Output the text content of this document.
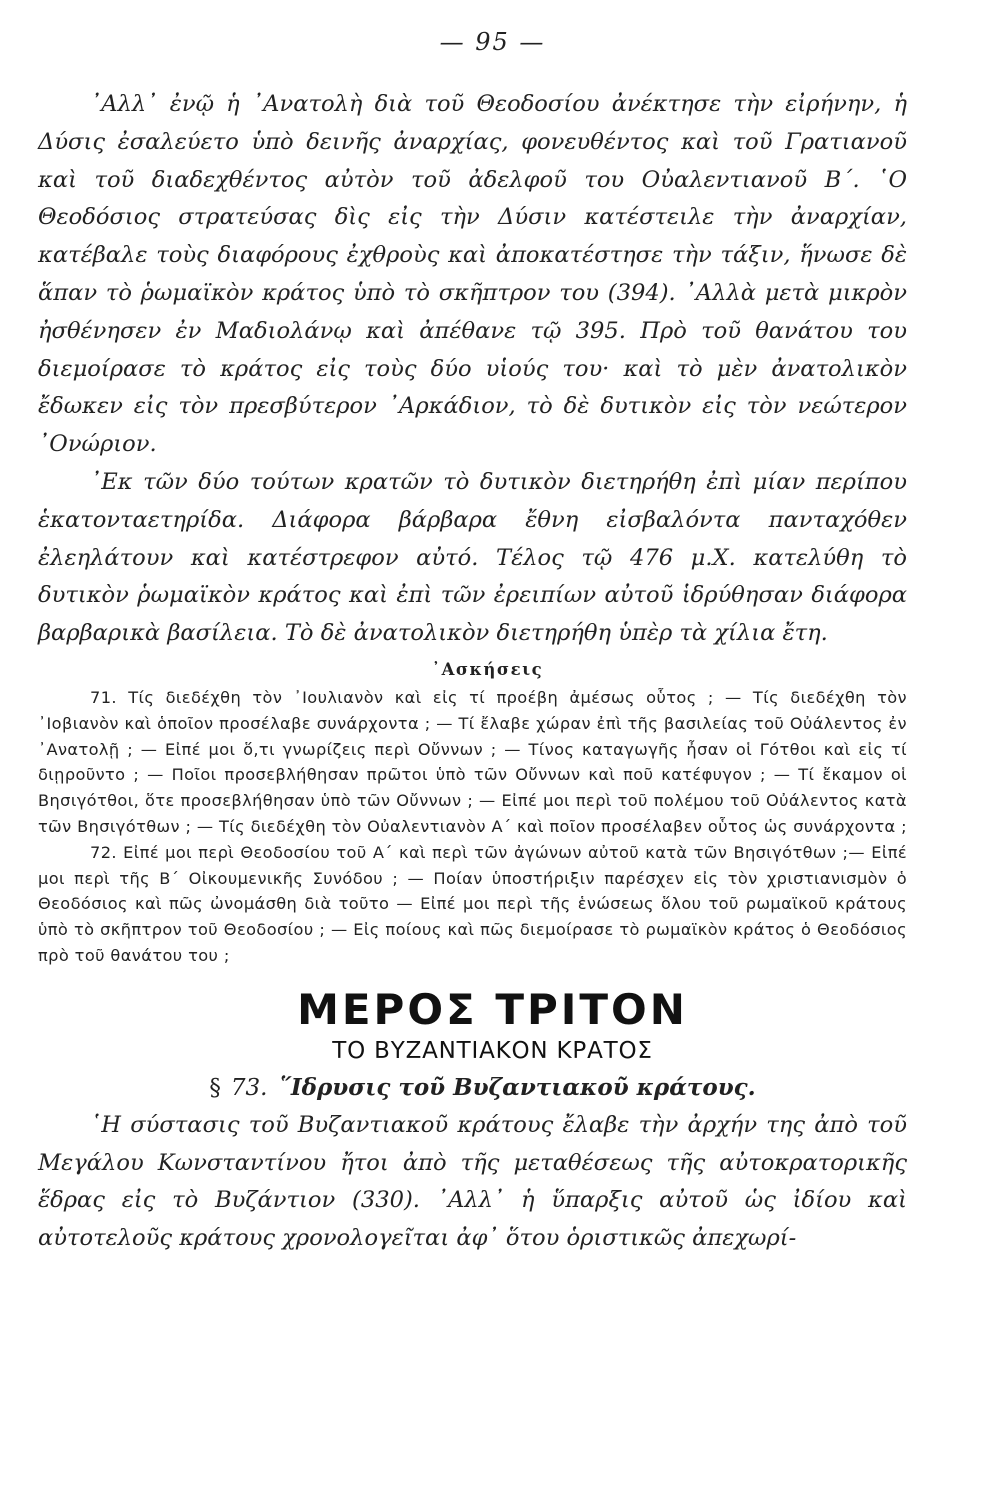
— 95 —

᾿Αλλ᾿ ἐνῷ ἡ ᾿Ανατολὴ διὰ τοῦ Θεοδοσίου ἀνέκτησε τὴν εἰρήνην, ἡ Δύσις ἐσαλεύετο ὑπὸ δεινῆς ἀναρχίας, φονευθέντος καὶ τοῦ Γρατιανοῦ καὶ τοῦ διαδεχθέντος αὐτὸν τοῦ ἀδελφοῦ του Οὐαλεντιανοῦ Β΄. ῾Ο Θεοδόσιος στρατεύσας δὶς εἰς τὴν Δύσιν κατέστειλε τὴν ἀναρχίαν, κατέβαλε τοὺς διαφόρους ἐχθροὺς καὶ ἀποκατέστησε τὴν τάξιν, ἥνωσε δὲ ἅπαν τὸ ῥωμαϊκὸν κράτος ὑπὸ τὸ σκῆπτρον του (394). ᾿Αλλὰ μετὰ μικρὸν ἠσθένησεν ἐν Μαδιολάνῳ καὶ ἀπέθανε τῷ 395. Πρὸ τοῦ θανάτου του διεμοίρασε τὸ κράτος εἰς τοὺς δύο υἱούς του· καὶ τὸ μὲν ἀνατολικὸν ἔδωκεν εἰς τὸν πρεσβύτερον ᾿Αρκάδιον, τὸ δὲ δυτικὸν εἰς τὸν νεώτερον ᾿Ονώριον.

᾿Εκ τῶν δύο τούτων κρατῶν τὸ δυτικὸν διετηρήθη ἐπὶ μίαν περίπου ἑκατονταετηρίδα. Διάφορα βάρβαρα ἔθνη εἰσβαλόντα πανταχόθεν ἐλεηλάτουν καὶ κατέστρεφον αὐτό. Τέλος τῷ 476 μ.Χ. κατελύθη τὸ δυτικὸν ῥωμαϊκὸν κράτος καὶ ἐπὶ τῶν ἐρειπίων αὐτοῦ ἱδρύθησαν διάφορα βαρβαρικὰ βασίλεια. Τὸ δὲ ἀνατολικὸν διετηρήθη ὑπὲρ τὰ χίλια ἔτη.

᾿Ασκήσεις

71. Τίς διεδέχθη τὸν ᾿Ιουλιανὸν καὶ εἰς τί προέβη ἀμέσως οὗτος ; — Τίς διεδέχθη τὸν ᾿Ιοβιανὸν καὶ ὁποῖον προσέλαβε συνάρχοντα ; — Τί ἔλαβε χώραν ἐπὶ τῆς βασιλείας τοῦ Οὐάλεντος ἐν ᾿Ανατολῇ ; — Εἰπέ μοι ὅ,τι γνωρίζεις περὶ Οὔννων ; — Τίνος καταγωγῆς ἦσαν οἱ Γότθοι καὶ εἰς τί διῃροῦντο ; — Ποῖοι προσεβλήθησαν πρῶτοι ὑπὸ τῶν Οὔννων καὶ ποῦ κατέφυγον ; — Τί ἔκαμον οἱ Βησιγότθοι, ὅτε προσεβλήθησαν ὑπὸ τῶν Οὔννων ; — Εἰπέ μοι περὶ τοῦ πολέμου τοῦ Οὐάλεντος κατὰ τῶν Βησιγότθων ; — Τίς διεδέχθη τὸν Οὐαλεντιανὸν Α΄ καὶ ποῖον προσέλαβεν οὗτος ὡς συνάρχοντα ;

72. Εἰπέ μοι περὶ Θεοδοσίου τοῦ Α΄ καὶ περὶ τῶν ἀγώνων αὐτοῦ κατὰ τῶν Βησιγότθων ;— Εἰπέ μοι περὶ τῆς Β΄ Οἰκουμενικῆς Συνόδου ; — Ποίαν ὑποστήριξιν παρέσχεν εἰς τὸν χριστιανισμὸν ὁ Θεοδόσιος καὶ πῶς ὠνομάσθη διὰ τοῦτο — Εἰπέ μοι περὶ τῆς ἑνώσεως ὅλου τοῦ ρωμαϊκοῦ κράτους ὑπὸ τὸ σκῆπτρον τοῦ Θεοδοσίου ; — Εἰς ποίους καὶ πῶς διεμοίρασε τὸ ρωμαϊκὸν κράτος ὁ Θεοδόσιος πρὸ τοῦ θανάτου του ;

ΜΕΡΟΣ ΤΡΙΤΟΝ
ΤΟ ΒΥΖΑΝΤΙΑΚΟΝ ΚΡΑΤΟΣ
§ 73. ῞Ιδρυσις τοῦ Βυζαντιακοῦ κράτους.

῾Η σύστασις τοῦ Βυζαντιακοῦ κράτους ἔλαβε τὴν ἀρχήν της ἀπὸ τοῦ Μεγάλου Κωνσταντίνου ἤτοι ἀπὸ τῆς μεταθέσεως τῆς αὐτοκρατορικῆς ἕδρας εἰς τὸ Βυζάντιον (330). ᾿Αλλ᾿ ἡ ὕπαρξις αὐτοῦ ὡς ἰδίου καὶ αὐτοτελοῦς κράτους χρονολογεῖται ἀφ᾿ ὅτου ὁριστικῶς ἀπεχωρί-
